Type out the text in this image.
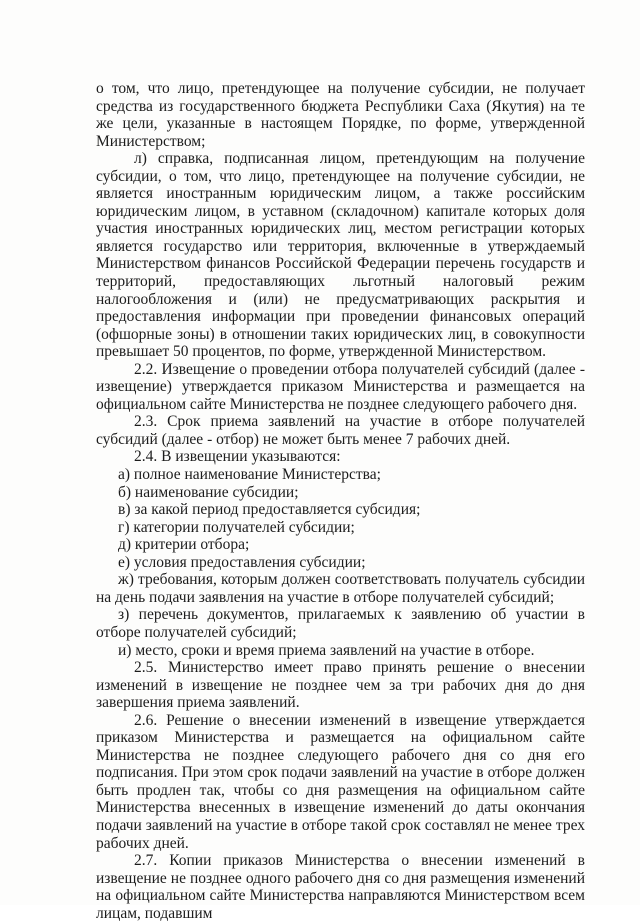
о том, что лицо, претендующее на получение субсидии, не получает средства из государственного бюджета Республики Саха (Якутия) на те же цели, указанные в настоящем Порядке, по форме, утвержденной Министерством;

л) справка, подписанная лицом, претендующим на получение субсидии, о том, что лицо, претендующее на получение субсидии, не является иностранным юридическим лицом, а также российским юридическим лицом, в уставном (складочном) капитале которых доля участия иностранных юридических лиц, местом регистрации которых является государство или территория, включенные в утверждаемый Министерством финансов Российской Федерации перечень государств и территорий, предоставляющих льготный налоговый режим налогообложения и (или) не предусматривающих раскрытия и предоставления информации при проведении финансовых операций (офшорные зоны) в отношении таких юридических лиц, в совокупности превышает 50 процентов, по форме, утвержденной Министерством.

2.2. Извещение о проведении отбора получателей субсидий (далее - извещение) утверждается приказом Министерства и размещается на официальном сайте Министерства не позднее следующего рабочего дня.

2.3. Срок приема заявлений на участие в отборе получателей субсидий (далее - отбор) не может быть менее 7 рабочих дней.

2.4. В извещении указываются:

а) полное наименование Министерства;

б) наименование субсидии;

в) за какой период предоставляется субсидия;

г) категории получателей субсидии;

д) критерии отбора;

е) условия предоставления субсидии;

ж) требования, которым должен соответствовать получатель субсидии на день подачи заявления на участие в отборе получателей субсидий;

з) перечень документов, прилагаемых к заявлению об участии в отборе получателей субсидий;

и) место, сроки и время приема заявлений на участие в отборе.

2.5. Министерство имеет право принять решение о внесении изменений в извещение не позднее чем за три рабочих дня до дня завершения приема заявлений.

2.6. Решение о внесении изменений в извещение утверждается приказом Министерства и размещается на официальном сайте Министерства не позднее следующего рабочего дня со дня его подписания. При этом срок подачи заявлений на участие в отборе должен быть продлен так, чтобы со дня размещения на официальном сайте Министерства внесенных в извещение изменений до даты окончания подачи заявлений на участие в отборе такой срок составлял не менее трех рабочих дней.

2.7. Копии приказов Министерства о внесении изменений в извещение не позднее одного рабочего дня со дня размещения изменений на официальном сайте Министерства направляются Министерством всем лицам, подавшим
